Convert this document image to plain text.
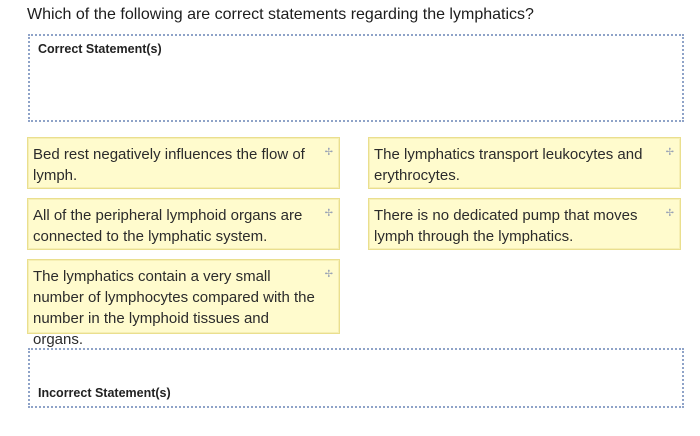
Which of the following are correct statements regarding the lymphatics?
Correct Statement(s)
Bed rest negatively influences the flow of lymph.
✢	The lymphatics transport leukocytes and erythrocytes.
✢
All of the peripheral lymphoid organs are connected to the lymphatic system.
✢	There is no dedicated pump that moves lymph through the lymphatics.
✢
The lymphatics contain a very small number of lymphocytes compared with the number in the lymphoid tissues and organs.
✢
Incorrect Statement(s)
